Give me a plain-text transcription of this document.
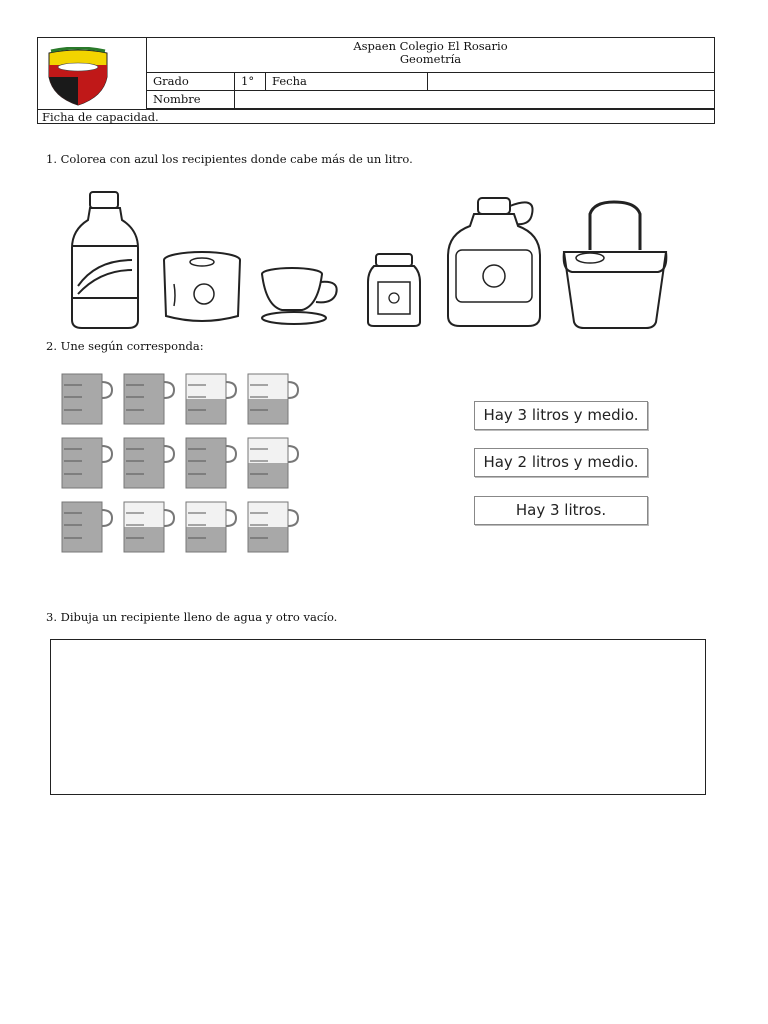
Aspaen Colegio El Rosario
Geometría
Grado	1°	Fecha
Nombre
Ficha de capacidad.
1. Colorea con azul los recipientes donde cabe más de un litro.
2. Une según corresponda:
Hay 3 litros y medio.
Hay 2 litros y medio.
Hay 3 litros.
3. Dibuja un recipiente lleno de agua y otro vacío.
